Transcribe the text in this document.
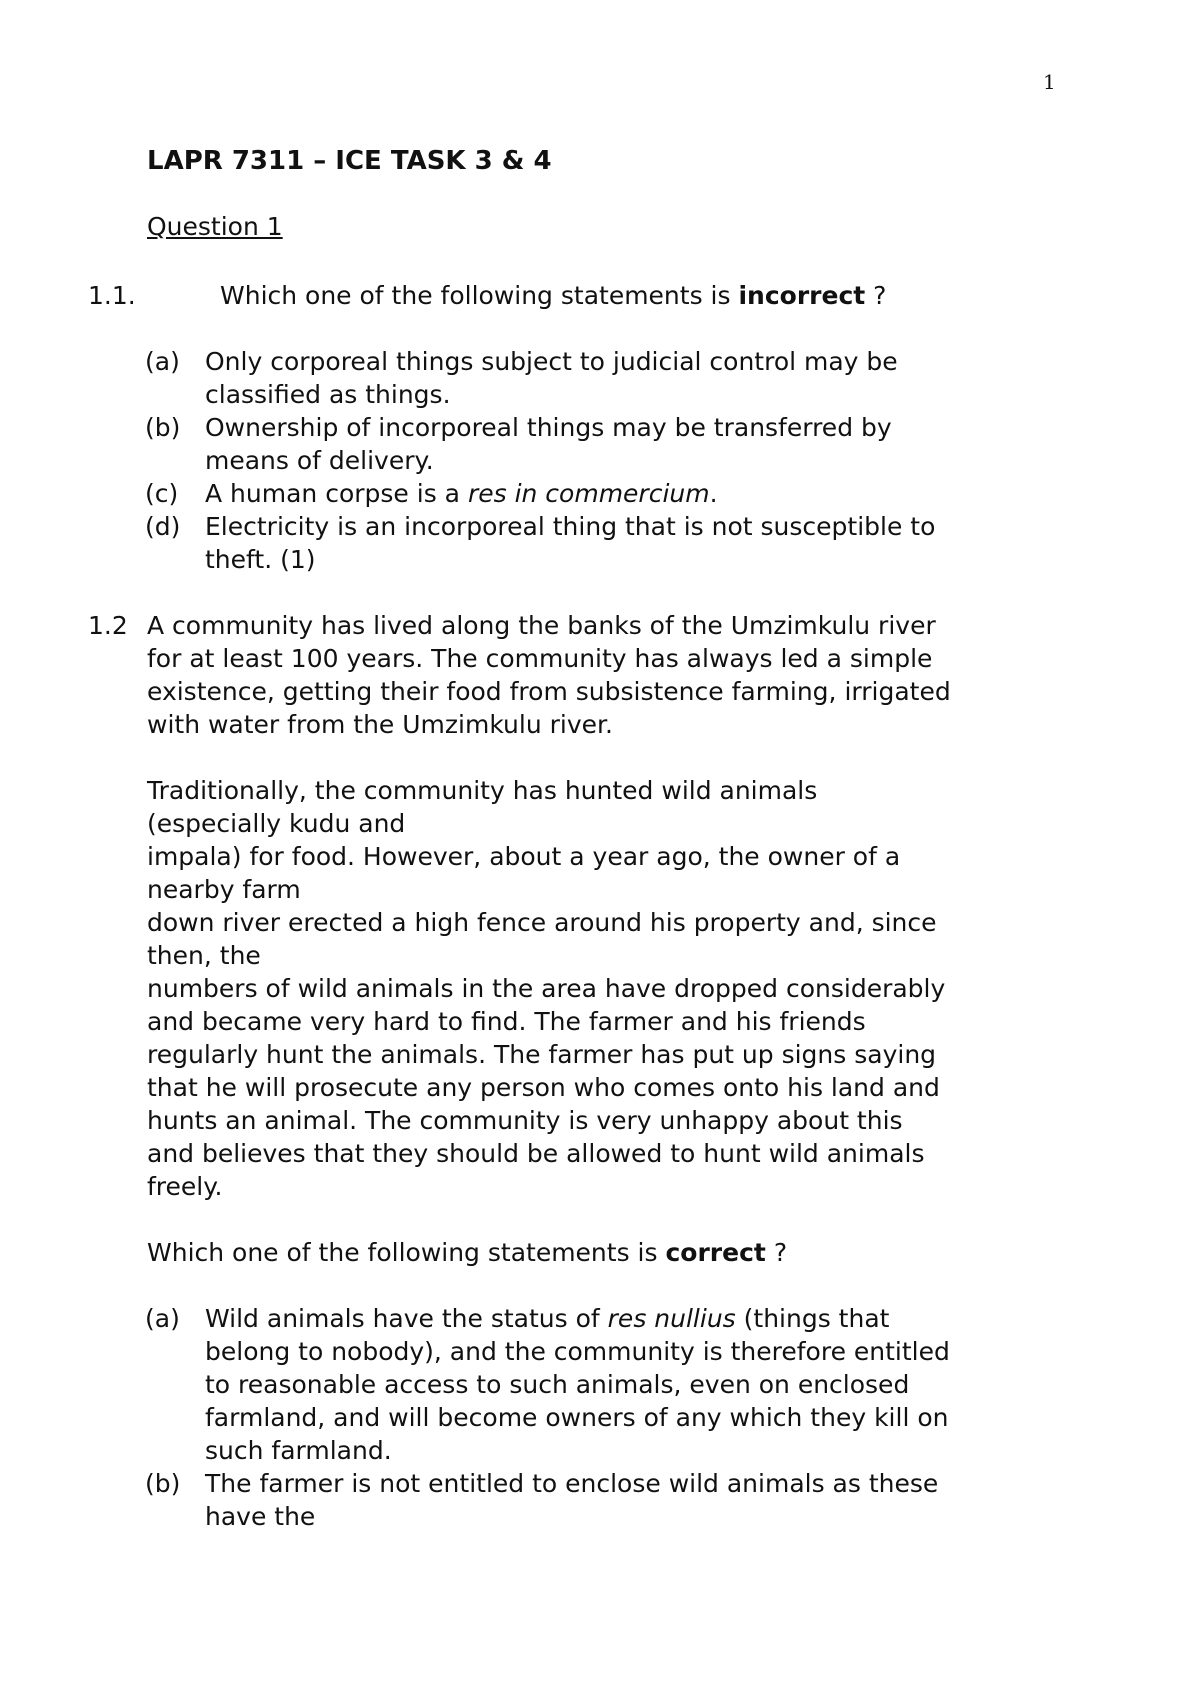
1
LAPR 7311 – ICE TASK 3 & 4
Question 1
1.1.	Which one of the following statements is incorrect ?
(a) Only corporeal things subject to judicial control may be
classified as things.
(b) Ownership of incorporeal things may be transferred by
means of delivery.
(c) A human corpse is a res in commercium.
(d) Electricity is an incorporeal thing that is not susceptible to
theft. (1)
1.2 A community has lived along the banks of the Umzimkulu river
for at least 100 years. The community has always led a simple
existence, getting their food from subsistence farming, irrigated
with water from the Umzimkulu river.
Traditionally, the community has hunted wild animals
(especially kudu and
impala) for food. However, about a year ago, the owner of a
nearby farm
down river erected a high fence around his property and, since
then, the
numbers of wild animals in the area have dropped considerably
and became very hard to find. The farmer and his friends
regularly hunt the animals. The farmer has put up signs saying
that he will prosecute any person who comes onto his land and
hunts an animal. The community is very unhappy about this
and believes that they should be allowed to hunt wild animals
freely.
Which one of the following statements is correct ?
(a) Wild animals have the status of res nullius (things that
belong to nobody), and the community is therefore entitled
to reasonable access to such animals, even on enclosed
farmland, and will become owners of any which they kill on
such farmland.
(b) The farmer is not entitled to enclose wild animals as these
have the
